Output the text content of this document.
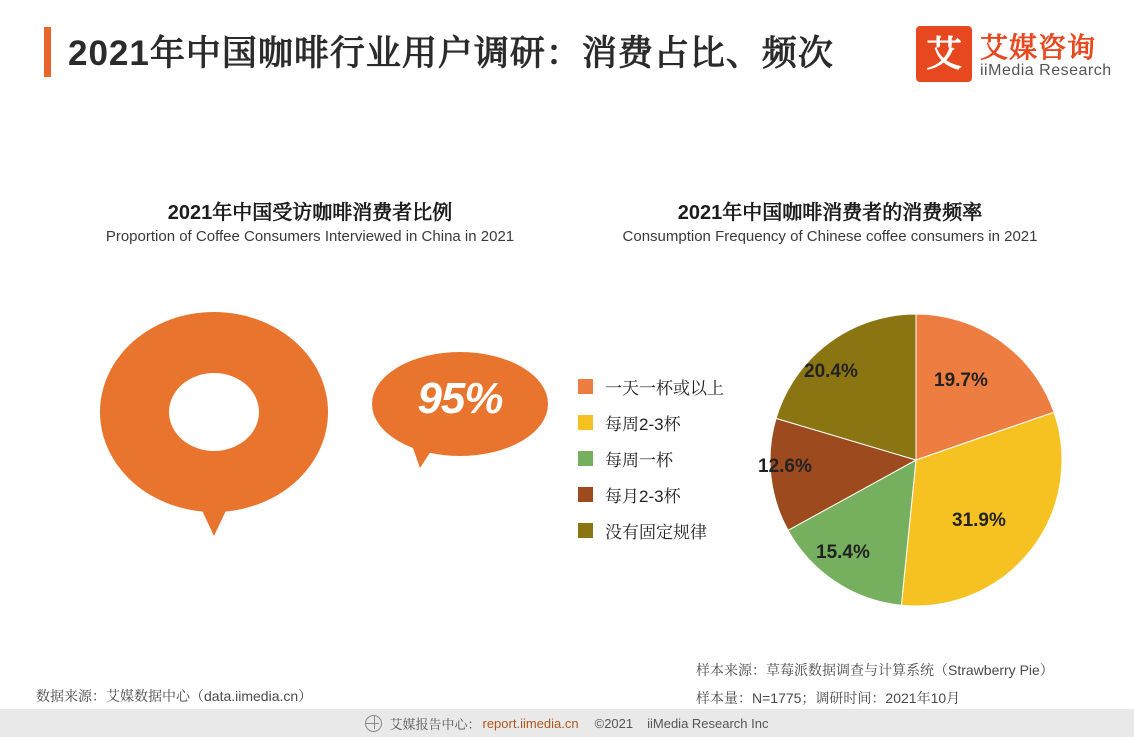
2021年中国咖啡行业用户调研：消费占比、频次	艾 艾媒咨询
iiMedia Research
2021年中国受访咖啡消费者比例
Proportion of Coffee Consumers Interviewed in China in 2021
2021年中国咖啡消费者的消费频率
Consumption Frequency of Chinese coffee consumers in 2021
95%	一天一杯或以上
每周2-3杯
每周一杯
每月2-3杯
没有固定规律
19.7%
31.9%
15.4%
12.6%
20.4%
数据来源：艾媒数据中心（data.iimedia.cn）
样本来源：草莓派数据调查与计算系统（Strawberry Pie）
样本量：N=1775；调研时间：2021年10月
艾媒报告中心： report.iimedia.cn ©2021 iiMedia Research Inc
